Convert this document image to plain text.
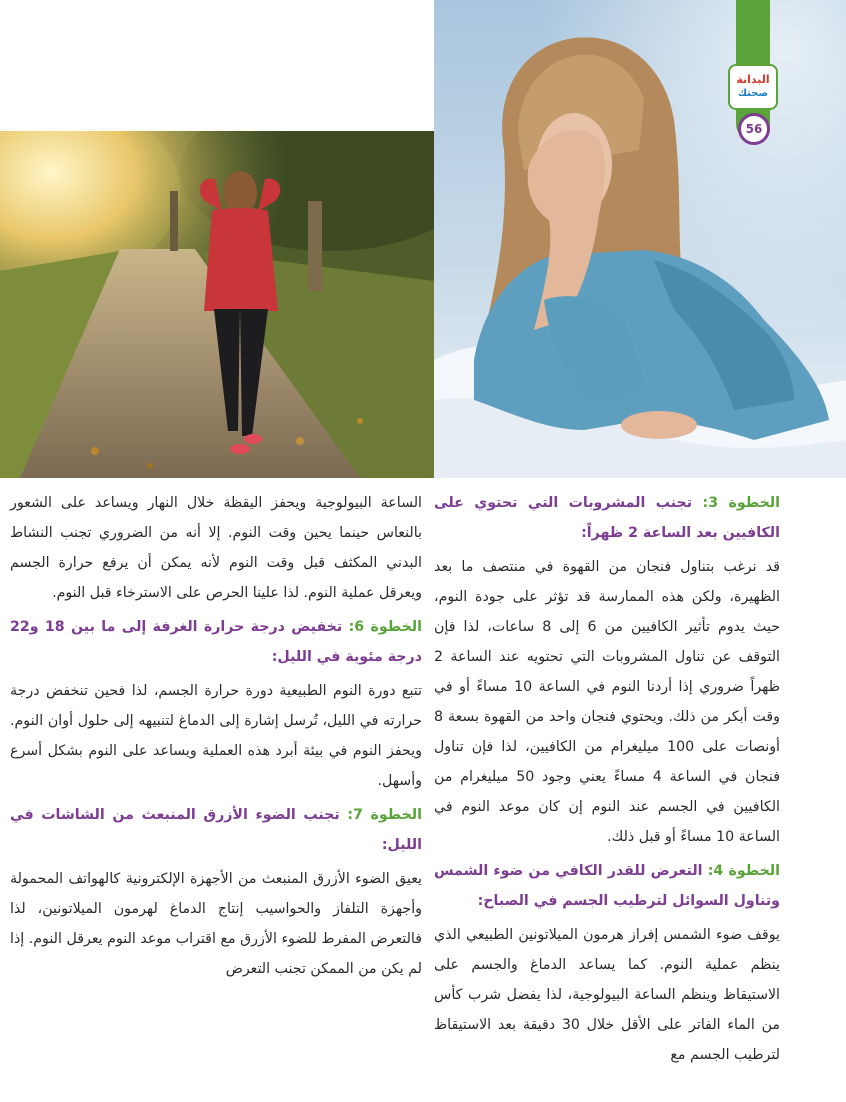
البدانة
صحتك
56
الخطوة 3: تجنب المشروبات التي تحتوي على الكافيين بعد الساعة 2 ظهراً:

قد نرغب بتناول فنجان من القهوة في منتصف ما بعد الظهيرة، ولكن هذه الممارسة قد تؤثر على جودة النوم، حيث يدوم تأثير الكافيين من 6 إلى 8 ساعات، لذا فإن التوقف عن تناول المشروبات التي تحتويه عند الساعة 2 ظهراً ضروري إذا أردنا النوم في الساعة 10 مساءً أو في وقت أبكر من ذلك. ويحتوي فنجان واحد من القهوة بسعة 8 أونصات على 100 ميليغرام من الكافيين، لذا فإن تناول فنجان في الساعة 4 مساءً يعني وجود 50 ميليغرام من الكافيين في الجسم عند النوم إن كان موعد النوم في الساعة 10 مساءً أو قبل ذلك.

الخطوة 4: التعرض للقدر الكافي من ضوء الشمس وتناول السوائل لترطيب الجسم في الصباح:

يوقف ضوء الشمس إفراز هرمون الميلاتونين الطبيعي الذي ينظم عملية النوم. كما يساعد الدماغ والجسم على الاستيقاظ وينظم الساعة البيولوجية، لذا يفضل شرب كأس من الماء الفاتر على الأقل خلال 30 دقيقة بعد الاستيقاظ لترطيب الجسم مع

الساعة البيولوجية ويحفز اليقظة خلال النهار ويساعد على الشعور بالنعاس حينما يحين وقت النوم. إلا أنه من الضروري تجنب النشاط البدني المكثف قبل وقت النوم لأنه يمكن أن يرفع حرارة الجسم ويعرقل عملية النوم. لذا علينا الحرص على الاسترخاء قبل النوم.

الخطوة 6: تخفيض درجة حرارة الغرفة إلى ما بين 18 و22 درجة مئوية في الليل:

تتبع دورة النوم الطبيعية دورة حرارة الجسم، لذا فحين تنخفض درجة حرارته في الليل، تُرسل إشارة إلى الدماغ لتنبيهه إلى حلول أوان النوم. ويحفز النوم في بيئة أبرد هذه العملية ويساعد على النوم بشكل أسرع وأسهل.

الخطوة 7: تجنب الضوء الأزرق المنبعث من الشاشات في الليل:

يعيق الضوء الأزرق المنبعث من الأجهزة الإلكترونية كالهواتف المحمولة وأجهزة التلفاز والحواسيب إنتاج الدماغ لهرمون الميلاتونين، لذا فالتعرض المفرط للضوء الأزرق مع اقتراب موعد النوم يعرقل النوم. إذا لم يكن من الممكن تجنب التعرض
